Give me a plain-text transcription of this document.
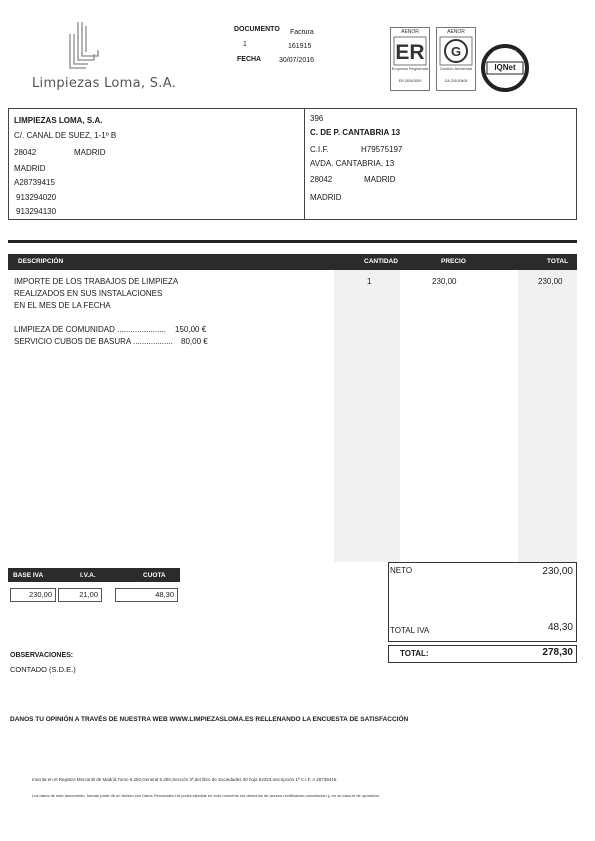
Limpiezas Loma, S.A.
DOCUMENTO Factura
1	161915
FECHA	30/07/2016
AENOR
ER
Empresa Registrada
ER-1834/2000
AENOR
G
Gestión Ambiental
GA-2010/0406
CERTIFICATE
IQNet
LIMPIEZAS LOMA, S.A.
C/. CANAL DE SUEZ, 1-1º B
28042	MADRID
MADRID
A28739415
913294020
913294130
396
C. DE P. CANTABRIA 13
C.I.F.	H79575197
AVDA. CANTABRIA, 13
28042	MADRID
MADRID
DESCRIPCIÓN	CANTIDAD	PRECIO	TOTAL
IMPORTE DE LOS TRABAJOS DE LIMPIEZA
REALIZADOS EN SUS INSTALACIONES
EN EL MES DE LA FECHA
1	230,00	230,00
LIMPIEZA DE COMUNIDAD ...................... 150,00 €
SERVICIO CUBOS DE BASURA .................. 80,00 €
BASE IVA	I.V.A.	CUOTA
230,00	21,00	48,30
NETO	230,00
TOTAL IVA	48,30
TOTAL:	278,30
OBSERVACIONES:
CONTADO (S.D.E.)
DANOS TU OPINIÓN A TRAVÉS DE NUESTRA WEB WWW.LIMPIEZASLOMA.ES RELLENANDO LA ENCUESTA DE SATISFACCIÓN
Inscrita en el Registro Mercantil de Madrid,Tomo 6.250,General 5.280,Sección 3ª,del libro de Sociedades 30 hoja 52323,Inscripción 1ª C.I.F. A 28739415.
Los datos de este documento, forman parte de un fichero con Datos Personales.Ud podrá ejercitar en todo momento los derechos de acceso,rectificación,cancelación y, en su caso,el de oposición.
